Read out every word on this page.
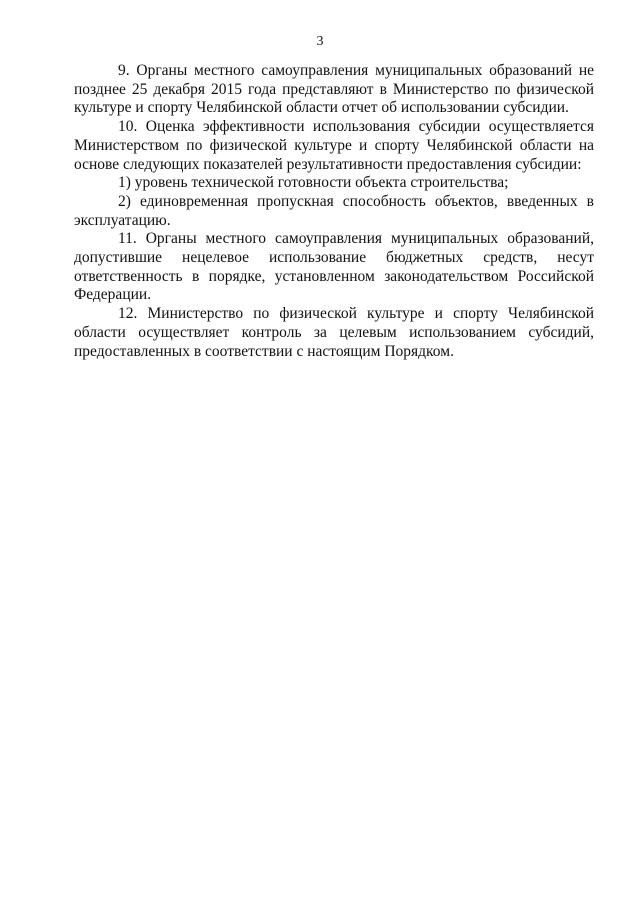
3

9. Органы местного самоуправления муниципальных образований не позднее 25 декабря 2015 года представляют в Министерство по физической культуре и спорту Челябинской области отчет об использовании субсидии.

10. Оценка эффективности использования субсидии осуществляется Министерством по физической культуре и спорту Челябинской области на основе следующих показателей результативности предоставления субсидии:

1) уровень технической готовности объекта строительства;

2) единовременная пропускная способность объектов, введенных в эксплуатацию.

11. Органы местного самоуправления муниципальных образований, допустившие нецелевое использование бюджетных средств, несут ответственность в порядке, установленном законодательством Российской Федерации.

12. Министерство по физической культуре и спорту Челябинской области осуществляет контроль за целевым использованием субсидий, предоставленных в соответствии с настоящим Порядком.
